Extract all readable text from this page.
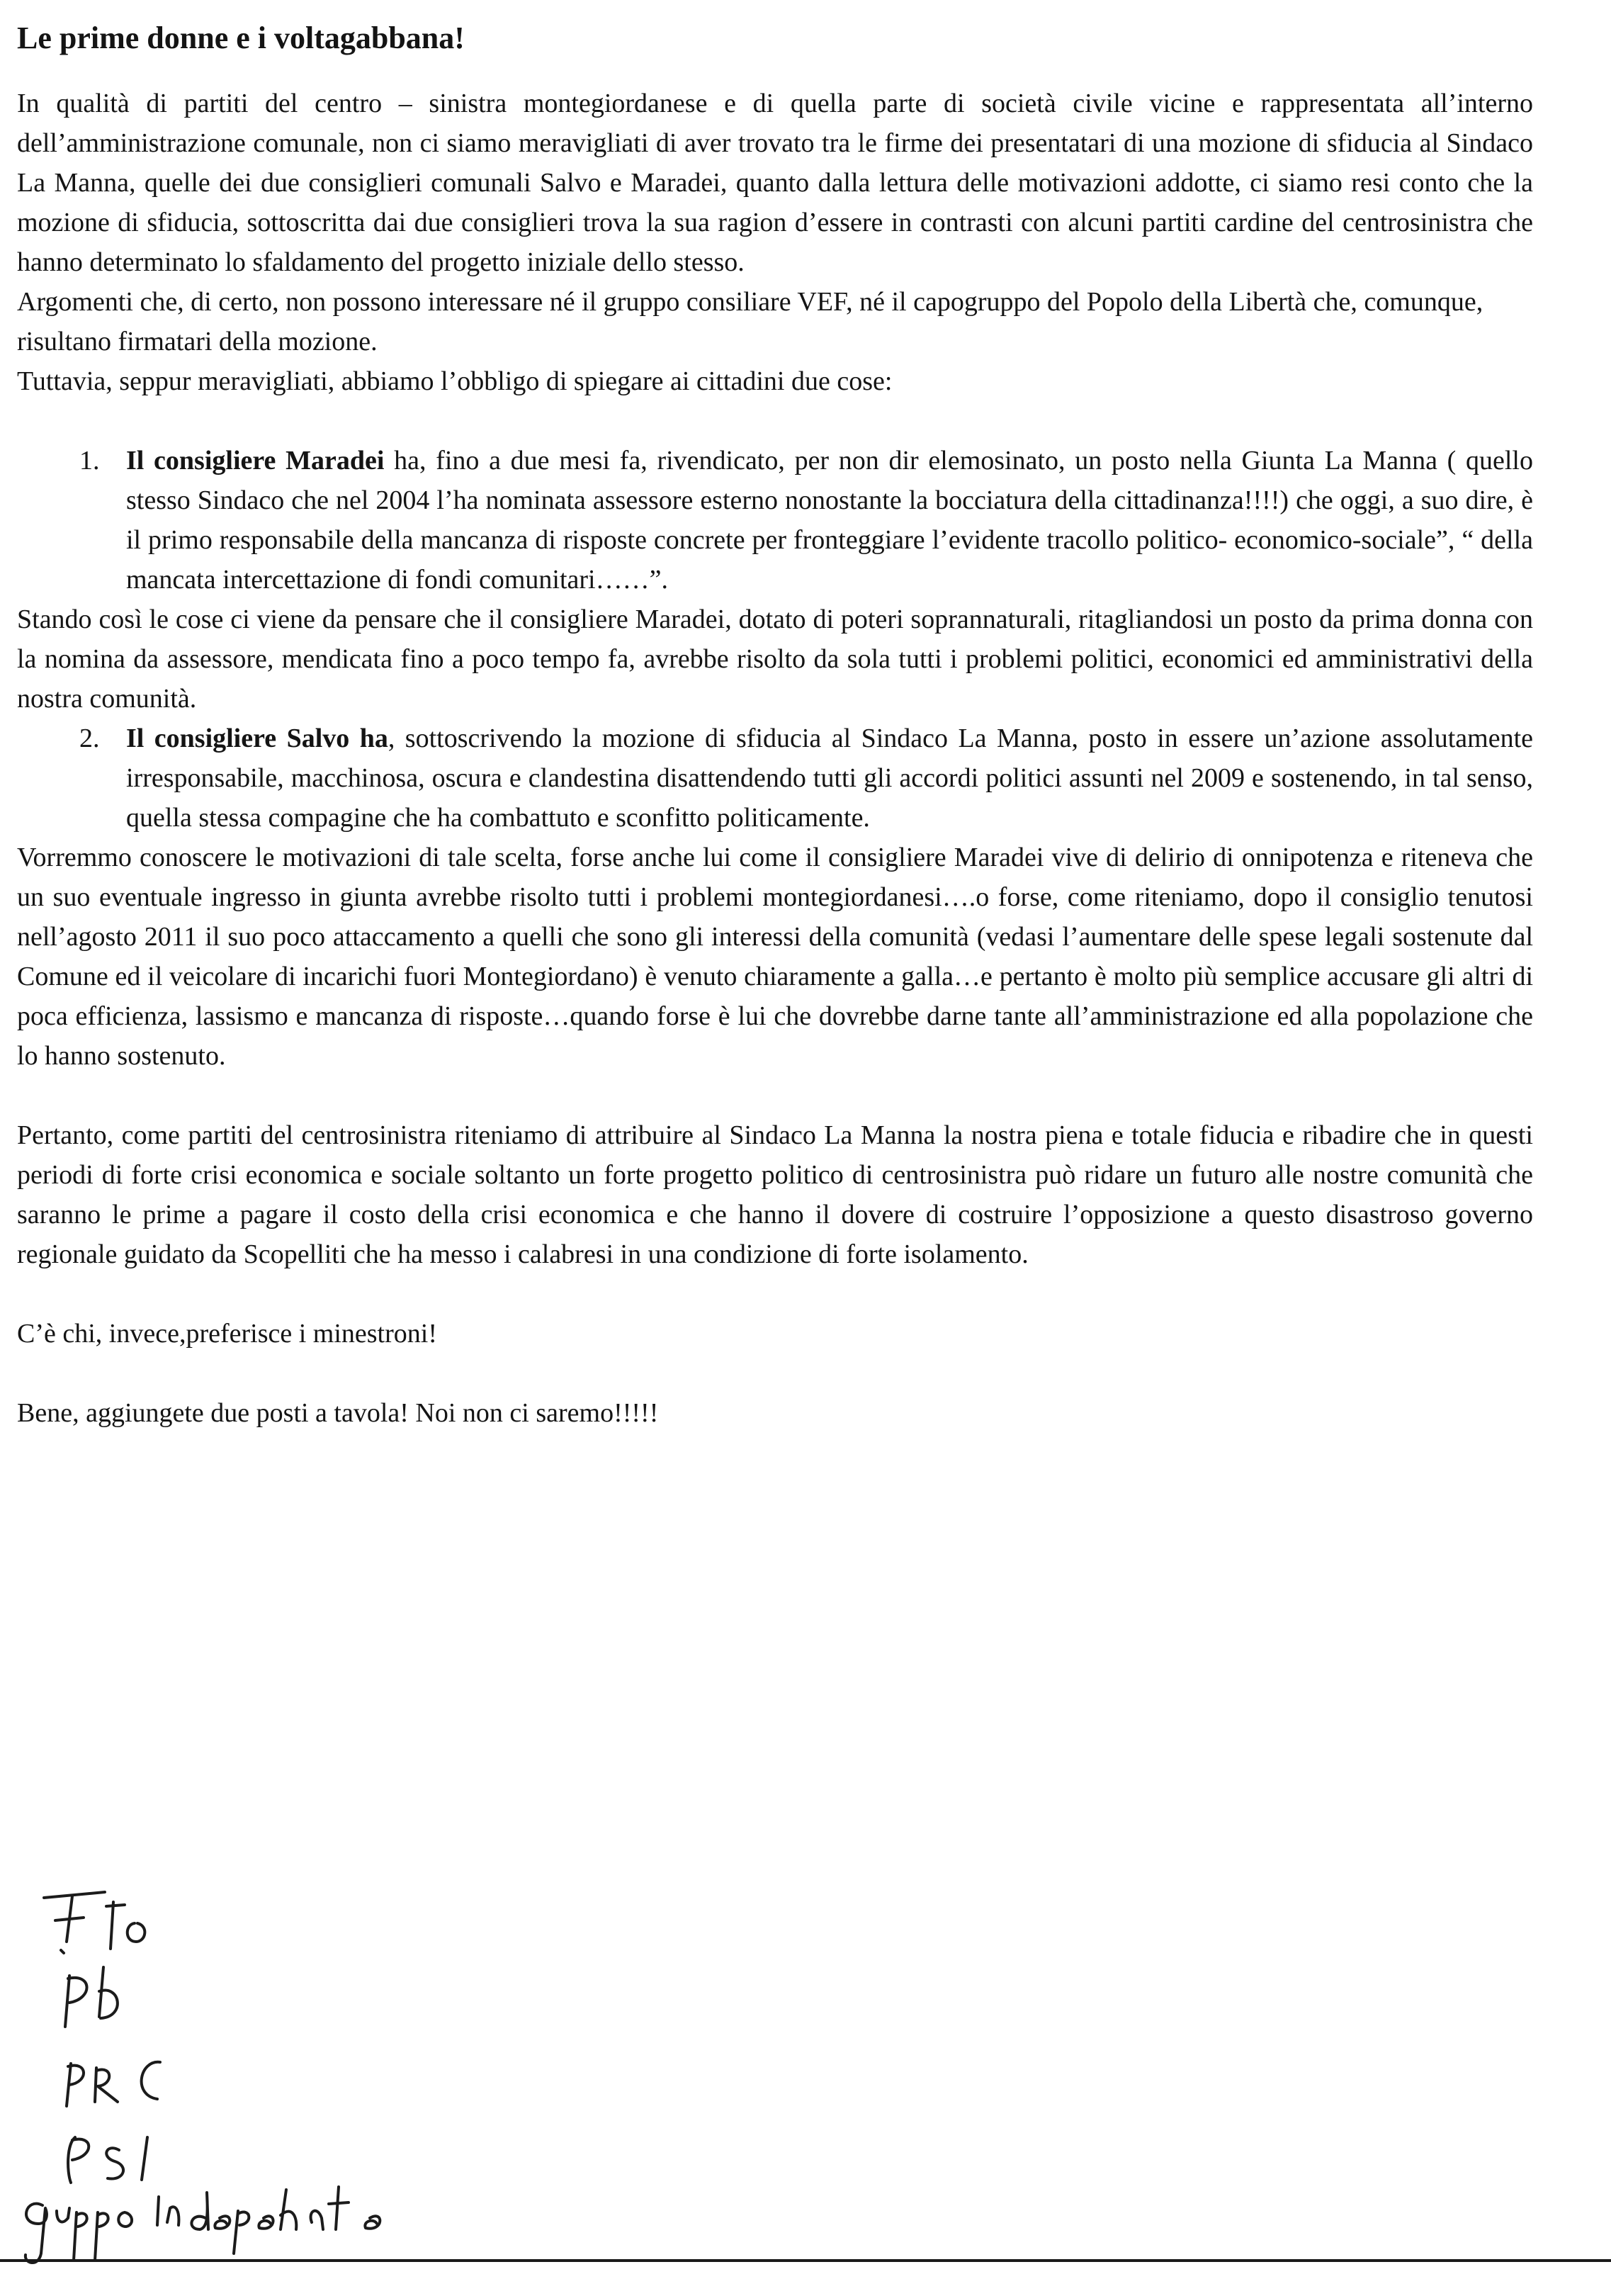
Le prime donne e i voltagabbana!

In qualità di partiti del centro – sinistra montegiordanese e di quella parte di società civile vicine e rappresentata all’interno dell’amministrazione comunale, non ci siamo meravigliati di aver trovato tra le firme dei presentatari di una mozione di sfiducia al Sindaco La Manna, quelle dei due consiglieri comunali Salvo e Maradei, quanto dalla lettura delle motivazioni addotte, ci siamo resi conto che la mozione di sfiducia, sottoscritta dai due consiglieri trova la sua ragion d’essere in contrasti con alcuni partiti cardine del centrosinistra che hanno determinato lo sfaldamento del progetto iniziale dello stesso.

Argomenti che, di certo, non possono interessare né il gruppo consiliare VEF, né il capogruppo del Popolo della Libertà che, comunque, risultano firmatari della mozione.

Tuttavia, seppur meravigliati, abbiamo l’obbligo di spiegare ai cittadini due cose:

1. Il consigliere Maradei ha, fino a due mesi fa, rivendicato, per non dir elemosinato, un posto nella Giunta La Manna ( quello stesso Sindaco che nel 2004 l’ha nominata assessore esterno nonostante la bocciatura della cittadinanza!!!!) che oggi, a suo dire, è il primo responsabile della mancanza di risposte concrete per fronteggiare l’evidente tracollo politico- economico-sociale”, “ della mancata intercettazione di fondi comunitari……”.

Stando così le cose ci viene da pensare che il consigliere Maradei, dotato di poteri soprannaturali, ritagliandosi un posto da prima donna con la nomina da assessore, mendicata fino a poco tempo fa, avrebbe risolto da sola tutti i problemi politici, economici ed amministrativi della nostra comunità.

2. Il consigliere Salvo ha, sottoscrivendo la mozione di sfiducia al Sindaco La Manna, posto in essere un’azione assolutamente irresponsabile, macchinosa, oscura e clandestina disattendendo tutti gli accordi politici assunti nel 2009 e sostenendo, in tal senso, quella stessa compagine che ha combattuto e sconfitto politicamente.

Vorremmo conoscere le motivazioni di tale scelta, forse anche lui come il consigliere Maradei vive di delirio di onnipotenza e riteneva che un suo eventuale ingresso in giunta avrebbe risolto tutti i problemi montegiordanesi….o forse, come riteniamo, dopo il consiglio tenutosi nell’agosto 2011 il suo poco attaccamento a quelli che sono gli interessi della comunità (vedasi l’aumentare delle spese legali sostenute dal Comune ed il veicolare di incarichi fuori Montegiordano) è venuto chiaramente a galla…e pertanto è molto più semplice accusare gli altri di poca efficienza, lassismo e mancanza di risposte…quando forse è lui che dovrebbe darne tante all’amministrazione ed alla popolazione che lo hanno sostenuto.

Pertanto, come partiti del centrosinistra riteniamo di attribuire al Sindaco La Manna la nostra piena e totale fiducia e ribadire che in questi periodi di forte crisi economica e sociale soltanto un forte progetto politico di centrosinistra può ridare un futuro alle nostre comunità che saranno le prime a pagare il costo della crisi economica e che hanno il dovere di costruire l’opposizione a questo disastroso governo regionale guidato da Scopelliti che ha messo i calabresi in una condizione di forte isolamento.

C’è chi, invece,preferisce i minestroni!

Bene, aggiungete due posti a tavola! Noi non ci saremo!!!!!
